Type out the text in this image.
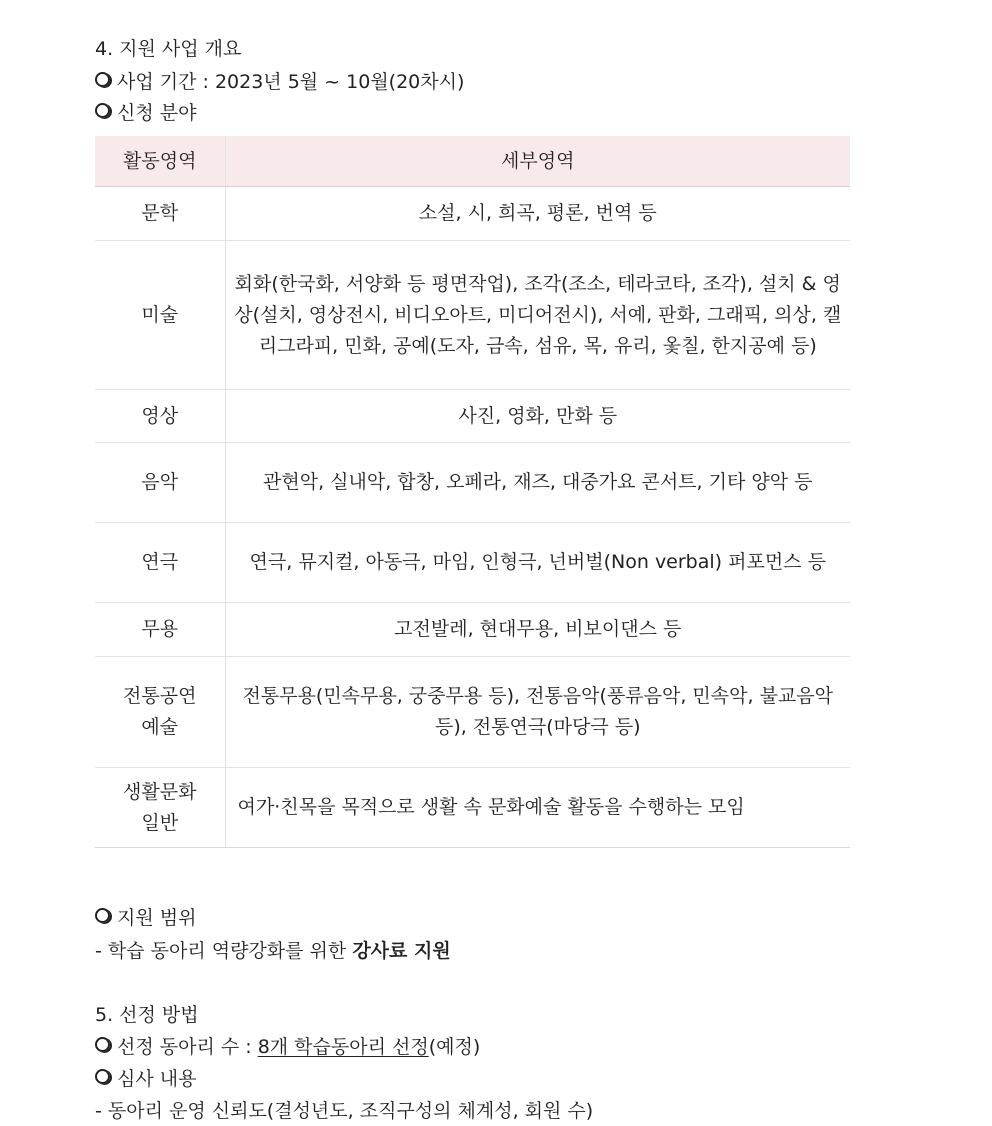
4. 지원 사업 개요
사업 기간 : 2023년 5월 ~ 10월(20차시)
신청 분야
활동영역	세부영역
문학	소설, 시, 희곡, 평론, 번역 등
미술	회화(한국화, 서양화 등 평면작업), 조각(조소, 테라코타, 조각), 설치 & 영상(설치, 영상전시, 비디오아트, 미디어전시), 서예, 판화, 그래픽, 의상, 캘리그라피, 민화, 공예(도자, 금속, 섬유, 목, 유리, 옻칠, 한지공예 등)
영상	사진, 영화, 만화 등
음악	관현악, 실내악, 합창, 오페라, 재즈, 대중가요 콘서트, 기타 양악 등
연극	연극, 뮤지컬, 아동극, 마임, 인형극, 넌버벌(Non verbal) 퍼포먼스 등
무용	고전발레, 현대무용, 비보이댄스 등
전통공연 예술	전통무용(민속무용, 궁중무용 등), 전통음악(풍류음악, 민속악, 불교음악 등), 전통연극(마당극 등)
생활문화 일반	여가·친목을 목적으로 생활 속 문화예술 활동을 수행하는 모임
지원 범위
- 학습 동아리 역량강화를 위한 강사료 지원
5. 선정 방법
선정 동아리 수 : 8개 학습동아리 선정(예정)
심사 내용
- 동아리 운영 신뢰도(결성년도, 조직구성의 체계성, 회원 수)
